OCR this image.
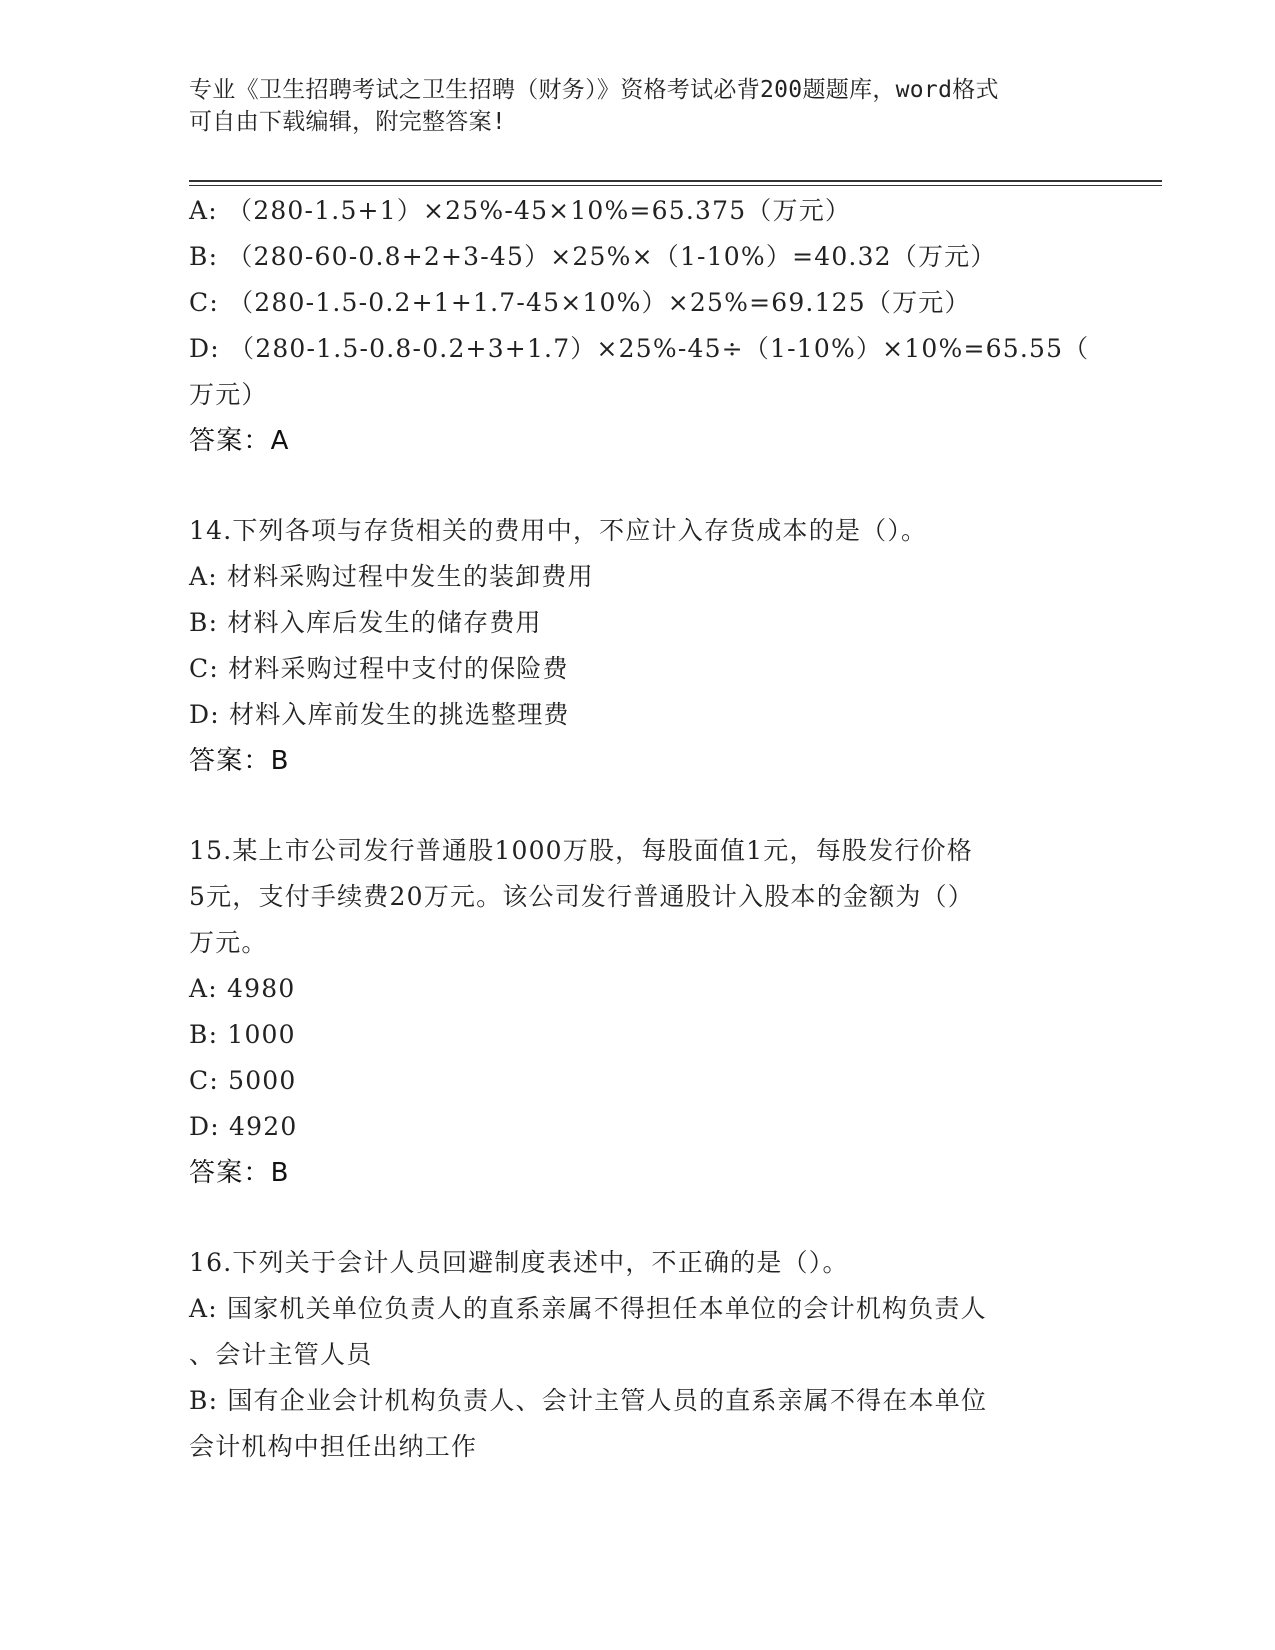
专业《卫生招聘考试之卫生招聘（财务）》资格考试必背200题题库，word格式
可自由下载编辑，附完整答案!
A: （280-1.5+1）×25%-45×10%=65.375（万元）
B: （280-60-0.8+2+3-45）×25%×（1-10%）=40.32（万元）
C: （280-1.5-0.2+1+1.7-45×10%）×25%=69.125（万元）
D: （280-1.5-0.8-0.2+3+1.7）×25%-45÷（1-10%）×10%=65.55（
万元）
答案：A
14.下列各项与存货相关的费用中，不应计入存货成本的是（）。
A: 材料采购过程中发生的装卸费用
B: 材料入库后发生的储存费用
C: 材料采购过程中支付的保险费
D: 材料入库前发生的挑选整理费
答案：B
15.某上市公司发行普通股1000万股，每股面值1元，每股发行价格
5元，支付手续费20万元。该公司发行普通股计入股本的金额为（）
万元。
A: 4980
B: 1000
C: 5000
D: 4920
答案：B
16.下列关于会计人员回避制度表述中，不正确的是（）。
A: 国家机关单位负责人的直系亲属不得担任本单位的会计机构负责人
、会计主管人员
B: 国有企业会计机构负责人、会计主管人员的直系亲属不得在本单位
会计机构中担任出纳工作
